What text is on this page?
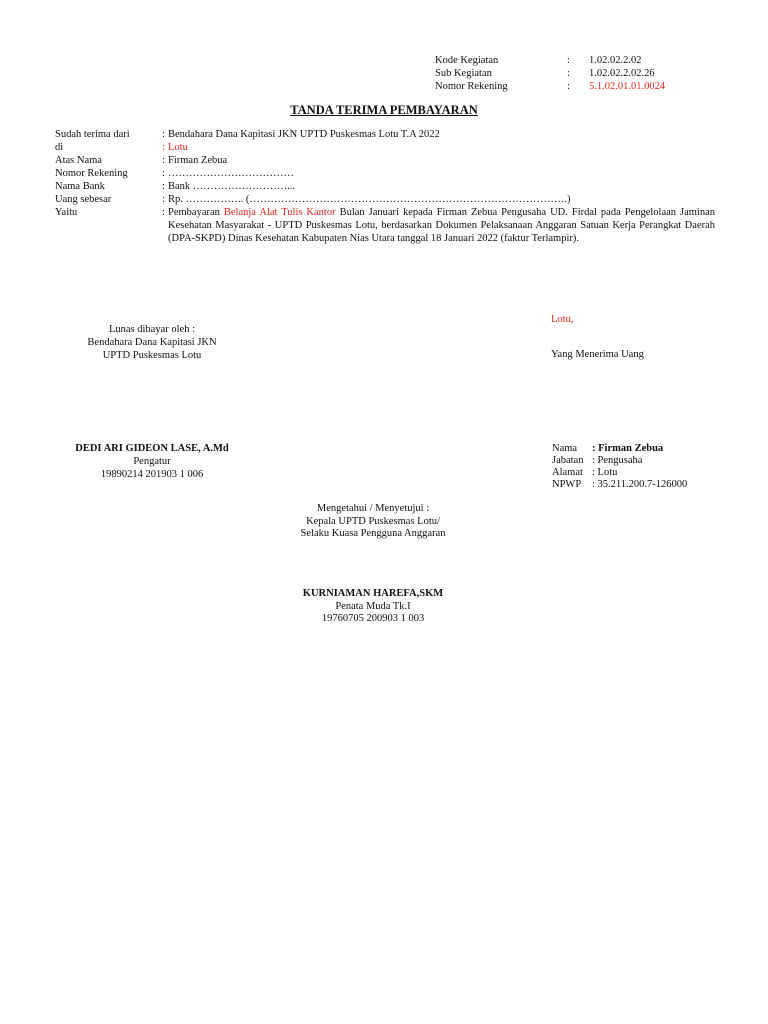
Kode Kegiatan	:	1.02.02.2.02
Sub Kegiatan	:	1.02.02.2.02.26
Nomor Rekening	:	5.1.02.01.01.0024
TANDA TERIMA PEMBAYARAN
Sudah terima dari	: Bendahara Dana Kapitasi JKN UPTD Puskesmas Lotu T.A 2022
di	: Lotu
Atas Nama	: Firman Zebua
Nomor Rekening	: ………………………………
Nama Bank	: Bank ………………………...
Uang sebesar	: Rp. …………….. (……………………………………………………………………………….)
Yaitu	: Pembayaran Belanja Alat Tulis Kantor Bulan Januari kepada Firman Zebua Pengusaha UD. Firdal pada Pengelolaan Jaminan Kesehatan Masyarakat - UPTD Puskesmas Lotu, berdasarkan Dokumen Pelaksanaan Anggaran Satuan Kerja Perangkat Daerah (DPA-SKPD) Dinas Kesehatan Kabupaten Nias Utara tanggal 18 Januari 2022 (faktur Terlampir).
Lunas dibayar oleh :
Bendahara Dana Kapitasi JKN
UPTD Puskesmas Lotu
Lotu,
Yang Menerima Uang
DEDI ARI GIDEON LASE, A.Md
Pengatur
19890214 201903 1 006
Nama	: Firman Zebua
Jabatan : Pengusaha
Alamat : Lotu
NPWP	: 35.211.200.7-126000
Mengetahui / Menyetujui :
Kepala UPTD Puskesmas Lotu/
Selaku Kuasa Pengguna Anggaran
KURNIAMAN HAREFA,SKM
Penata Muda Tk.I
19760705 200903 1 003
